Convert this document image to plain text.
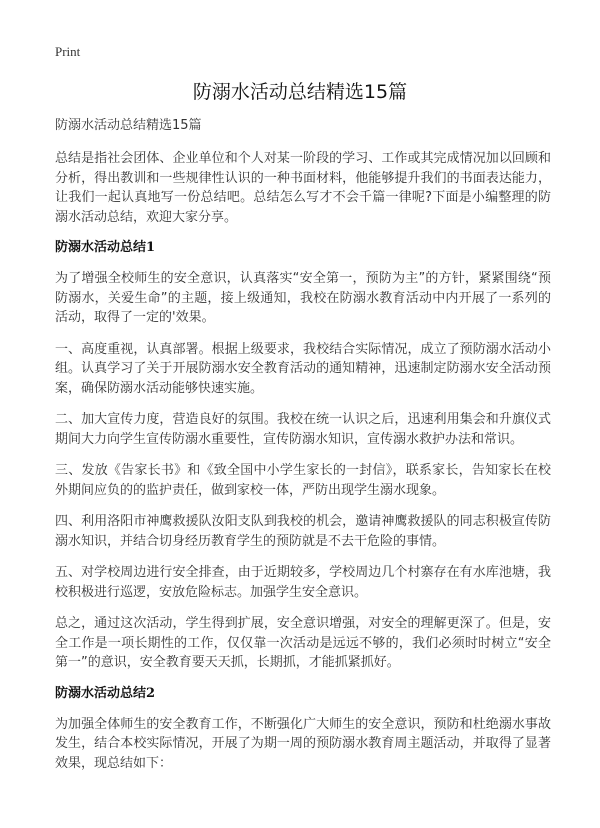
Print
防溺水活动总结精选15篇
防溺水活动总结精选15篇

总结是指社会团体、企业单位和个人对某一阶段的学习、工作或其完成情况加以回顾和分析，得出教训和一些规律性认识的一种书面材料，他能够提升我们的书面表达能力，让我们一起认真地写一份总结吧。总结怎么写才不会千篇一律呢?下面是小编整理的防溺水活动总结，欢迎大家分享。

防溺水活动总结1

为了增强全校师生的安全意识，认真落实“安全第一，预防为主”的方针，紧紧围绕“预防溺水，关爱生命”的主题，接上级通知，我校在防溺水教育活动中内开展了一系列的活动，取得了一定的'效果。

一、高度重视，认真部署。根据上级要求，我校结合实际情况，成立了预防溺水活动小组。认真学习了关于开展防溺水安全教育活动的通知精神，迅速制定防溺水安全活动预案，确保防溺水活动能够快速实施。

二、加大宣传力度，营造良好的氛围。我校在统一认识之后，迅速利用集会和升旗仪式期间大力向学生宣传防溺水重要性，宣传防溺水知识，宣传溺水救护办法和常识。

三、发放《告家长书》和《致全国中小学生家长的一封信》，联系家长，告知家长在校外期间应负的的监护责任，做到家校一体，严防出现学生溺水现象。

四、利用洛阳市神鹰救援队汝阳支队到我校的机会，邀请神鹰救援队的同志积极宣传防溺水知识，并结合切身经历教育学生的预防就是不去干危险的事情。

五、对学校周边进行安全排查，由于近期较多，学校周边几个村寨存在有水库池塘，我校积极进行巡逻，安放危险标志。加强学生安全意识。

总之，通过这次活动，学生得到扩展，安全意识增强，对安全的理解更深了。但是，安全工作是一项长期性的工作，仅仅靠一次活动是远远不够的，我们必须时时树立“安全第一”的意识，安全教育要天天抓，长期抓，才能抓紧抓好。

防溺水活动总结2

为加强全体师生的安全教育工作，不断强化广大师生的安全意识，预防和杜绝溺水事故发生，结合本校实际情况，开展了为期一周的预防溺水教育周主题活动，并取得了显著效果，现总结如下：
